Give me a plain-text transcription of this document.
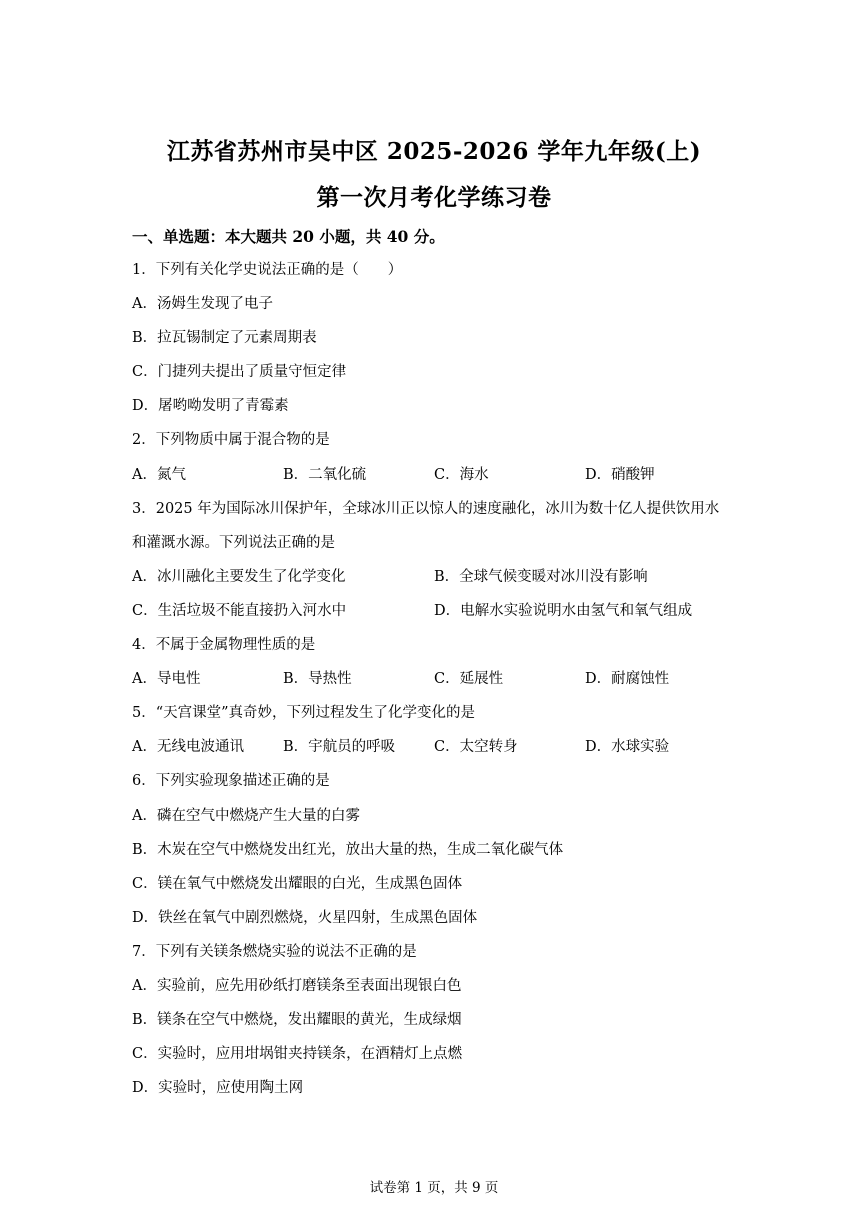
江苏省苏州市吴中区 2025-2026 学年九年级(上)
第一次月考化学练习卷
一、单选题：本大题共 20 小题，共 40 分。
1．下列有关化学史说法正确的是（　　）
A．汤姆生发现了电子
B．拉瓦锡制定了元素周期表
C．门捷列夫提出了质量守恒定律
D．屠哟呦发明了青霉素
2．下列物质中属于混合物的是
A．氮气	B．二氧化硫	C．海水	D．硝酸钾
3．2025 年为国际冰川保护年，全球冰川正以惊人的速度融化，冰川为数十亿人提供饮用水
和灌溉水源。下列说法正确的是
A．冰川融化主要发生了化学变化	B．全球气候变暖对冰川没有影响
C．生活垃圾不能直接扔入河水中	D．电解水实验说明水由氢气和氧气组成
4．不属于金属物理性质的是
A．导电性	B．导热性	C．延展性	D．耐腐蚀性
5．“天宫课堂”真奇妙，下列过程发生了化学变化的是
A．无线电波通讯	B．宇航员的呼吸	C．太空转身	D．水球实验
6．下列实验现象描述正确的是
A．磷在空气中燃烧产生大量的白雾
B．木炭在空气中燃烧发出红光，放出大量的热，生成二氧化碳气体
C．镁在氧气中燃烧发出耀眼的白光，生成黑色固体
D．铁丝在氧气中剧烈燃烧，火星四射，生成黑色固体
7．下列有关镁条燃烧实验的说法不正确的是
A．实验前，应先用砂纸打磨镁条至表面出现银白色
B．镁条在空气中燃烧，发出耀眼的黄光，生成绿烟
C．实验时，应用坩埚钳夹持镁条，在酒精灯上点燃
D．实验时，应使用陶土网
试卷第 1 页，共 9 页
